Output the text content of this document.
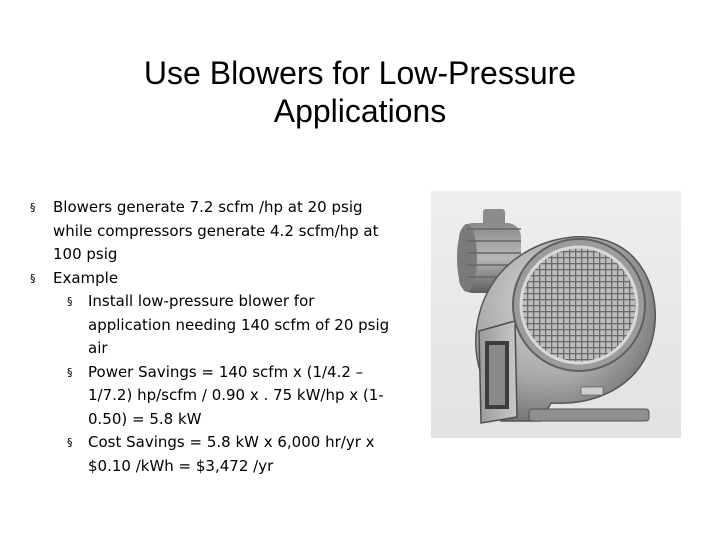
Use Blowers for Low-Pressure
Applications
§ Blowers generate 7.2 scfm /hp at 20 psig while compressors generate 4.2 scfm/hp at 100 psig
§ Example
§ Install low-pressure blower for application needing 140 scfm of 20 psig air
§ Power Savings = 140 scfm x (1/4.2 – 1/7.2) hp/scfm / 0.90 x . 75 kW/hp x (1-0.50) = 5.8 kW
§ Cost Savings = 5.8 kW x 6,000 hr/yr x $0.10 /kWh = $3,472 /yr
